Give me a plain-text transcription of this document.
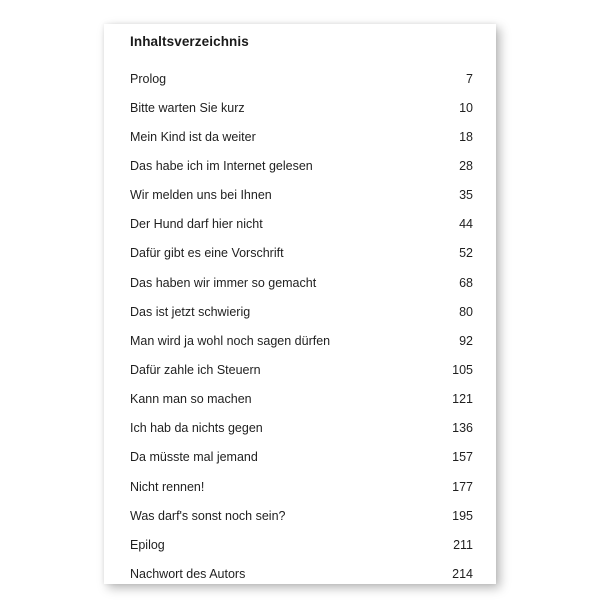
Inhaltsverzeichnis
Prolog	7
Bitte warten Sie kurz	10
Mein Kind ist da weiter	18
Das habe ich im Internet gelesen	28
Wir melden uns bei Ihnen	35
Der Hund darf hier nicht	44
Dafür gibt es eine Vorschrift	52
Das haben wir immer so gemacht	68
Das ist jetzt schwierig	80
Man wird ja wohl noch sagen dürfen	92
Dafür zahle ich Steuern	105
Kann man so machen	121
Ich hab da nichts gegen	136
Da müsste mal jemand	157
Nicht rennen!	177
Was darf's sonst noch sein?	195
Epilog	211
Nachwort des Autors	214
